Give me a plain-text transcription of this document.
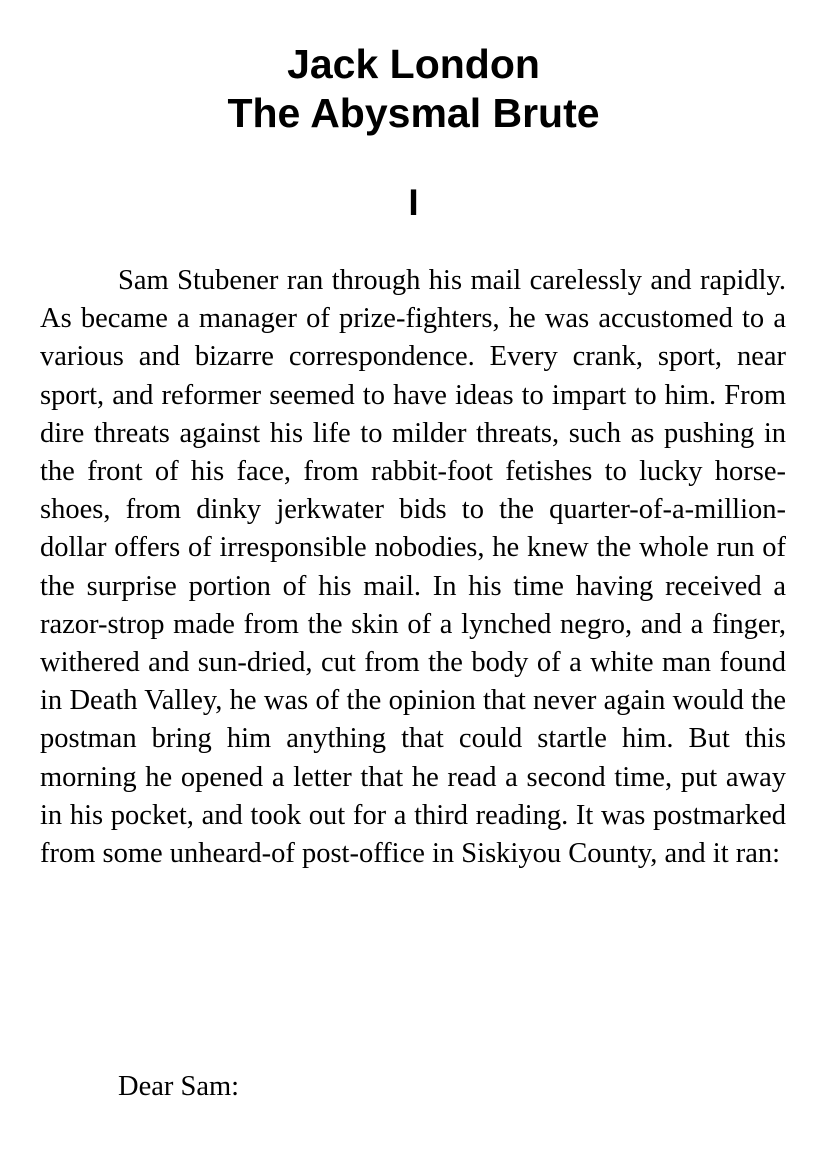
Jack London
The Abysmal Brute
I

Sam Stubener ran through his mail carelessly and rapidly. As became a manager of prize-fighters, he was accustomed to a various and bizarre correspondence. Every crank, sport, near sport, and reformer seemed to have ideas to impart to him. From dire threats against his life to milder threats, such as pushing in the front of his face, from rabbit-foot fetishes to lucky horse-shoes, from dinky jerkwater bids to the quarter-of-a-million-dollar offers of irresponsible nobodies, he knew the whole run of the surprise portion of his mail. In his time having received a razor-strop made from the skin of a lynched negro, and a finger, withered and sun-dried, cut from the body of a white man found in Death Valley, he was of the opinion that never again would the postman bring him anything that could startle him. But this morning he opened a letter that he read a second time, put away in his pocket, and took out for a third reading. It was postmarked from some unheard-of post-office in Siskiyou County, and it ran:

Dear Sam:
